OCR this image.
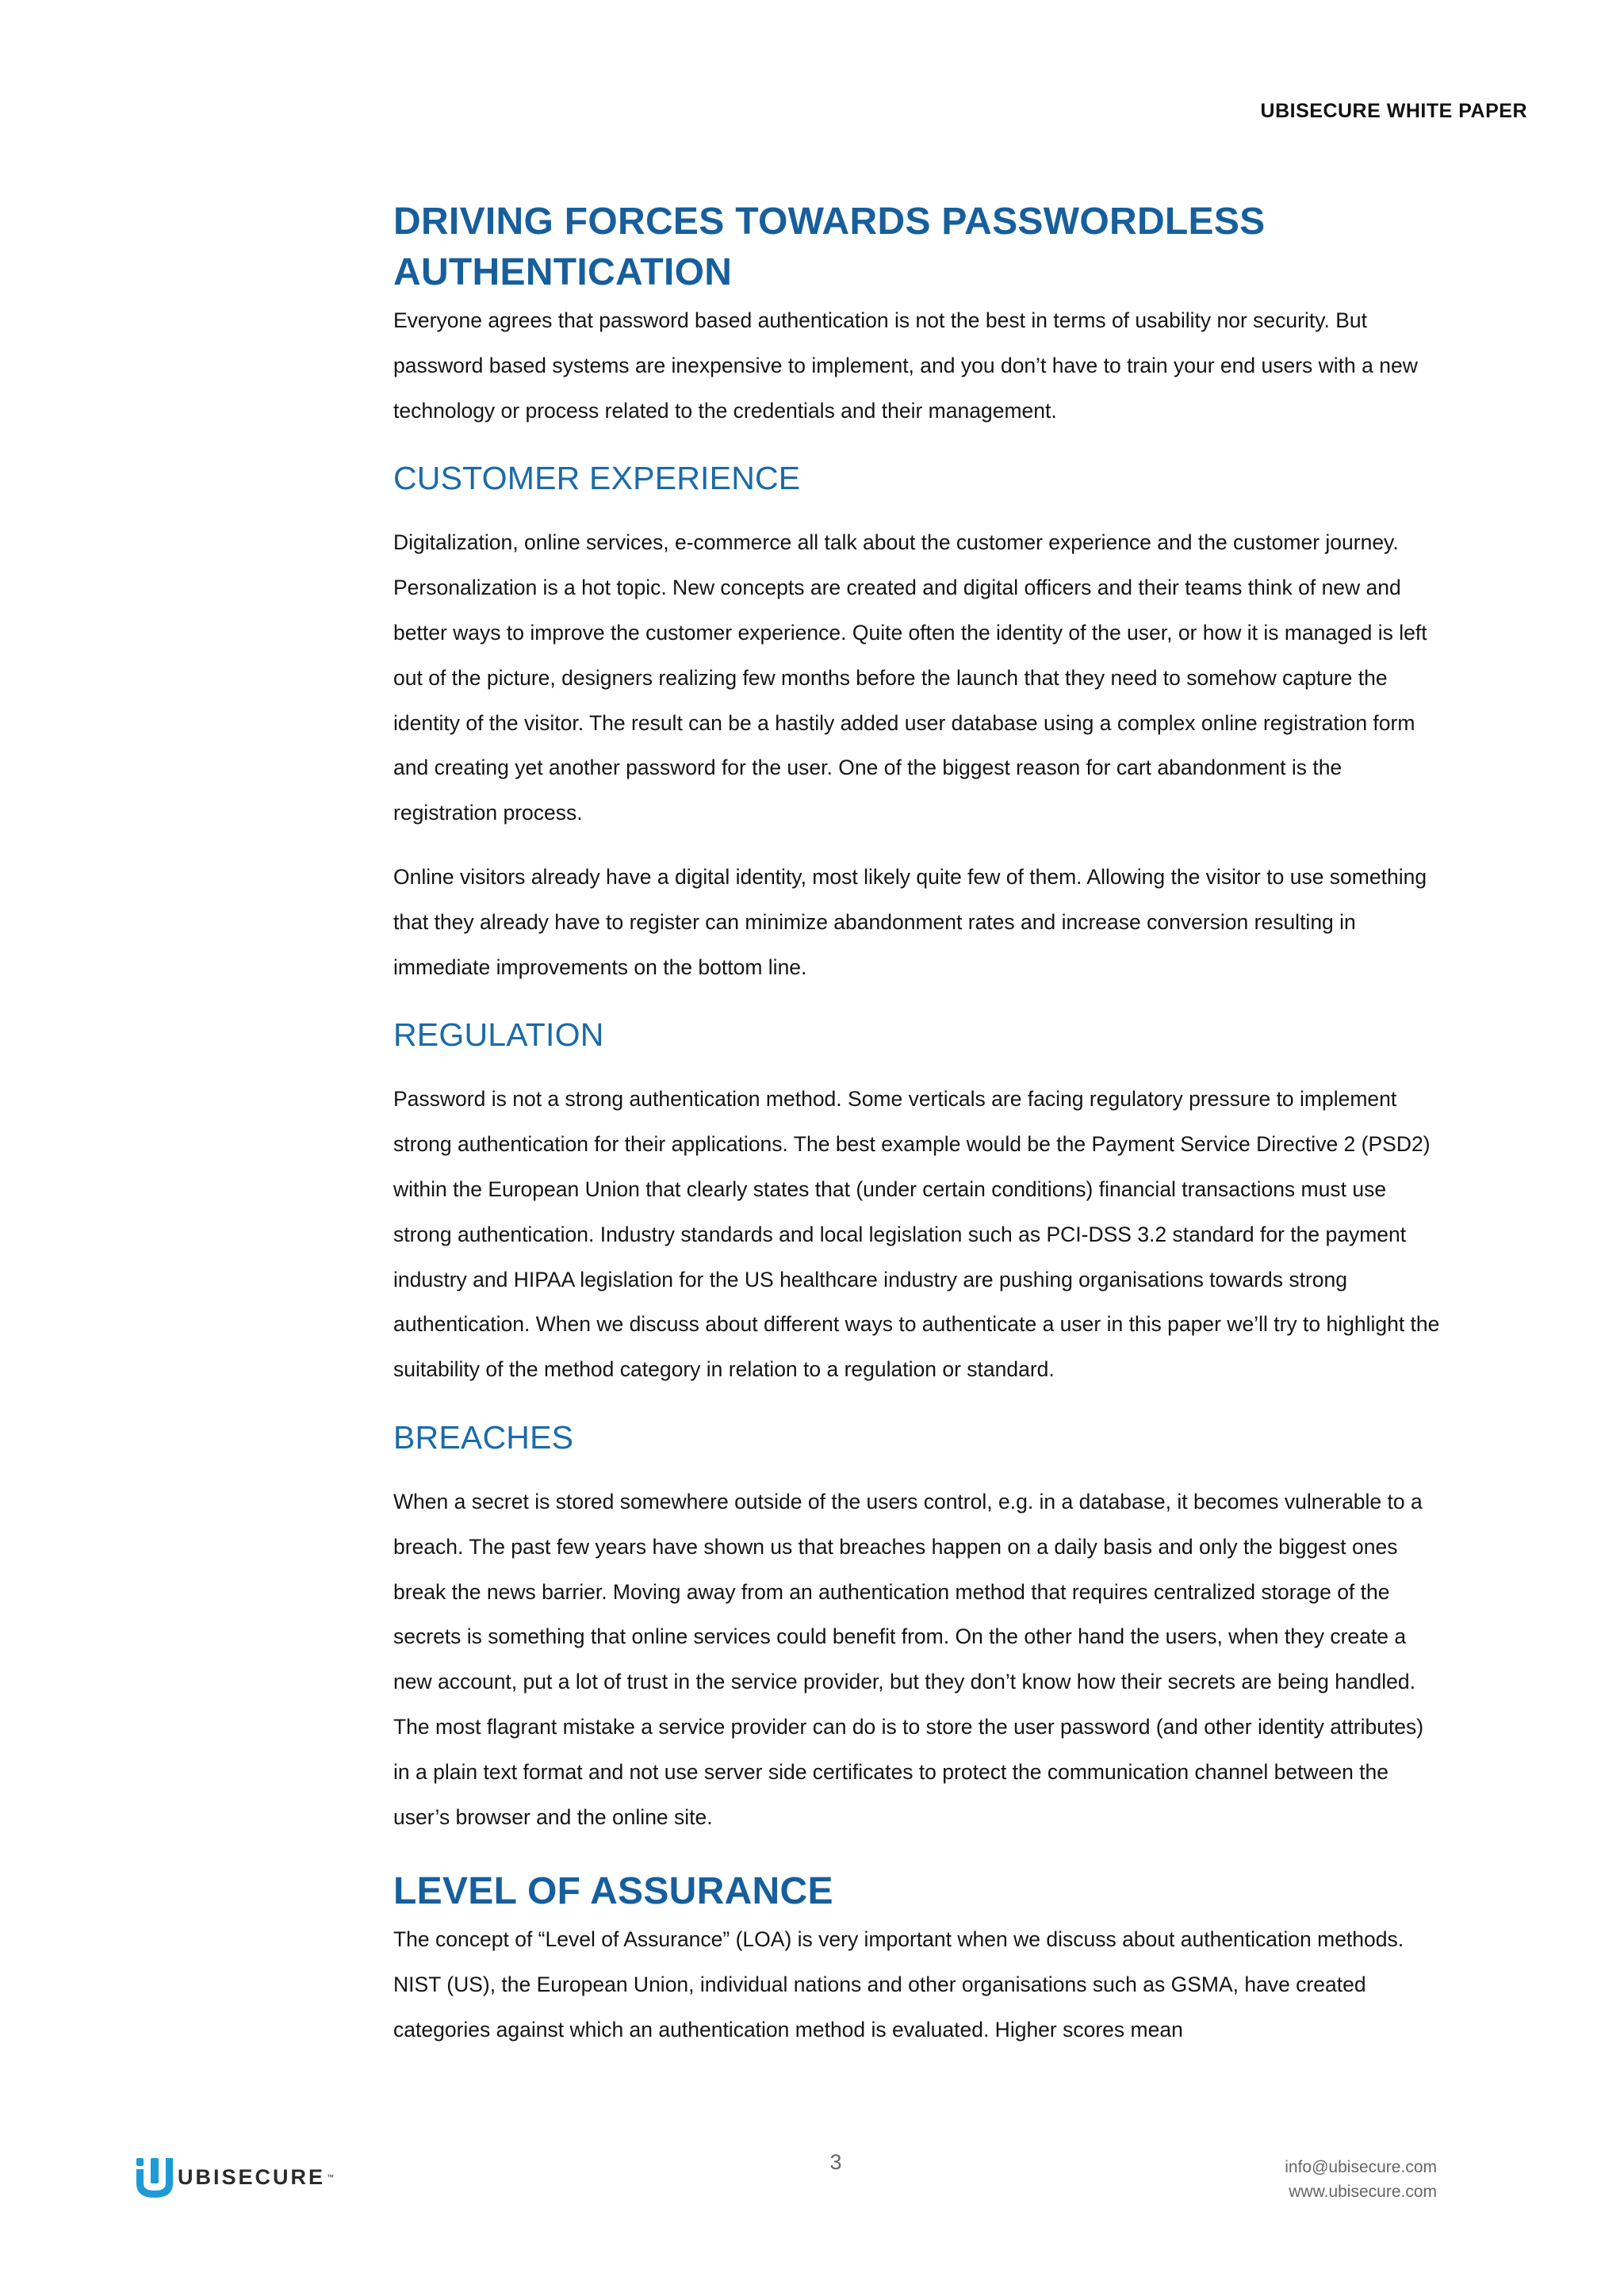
UBISECURE WHITE PAPER
DRIVING FORCES TOWARDS PASSWORDLESS AUTHENTICATION

Everyone agrees that password based authentication is not the best in terms of usability nor security. But password based systems are inexpensive to implement, and you don’t have to train your end users with a new technology or process related to the credentials and their management.

CUSTOMER EXPERIENCE

Digitalization, online services, e-commerce all talk about the customer experience and the customer journey. Personalization is a hot topic. New concepts are created and digital officers and their teams think of new and better ways to improve the customer experience. Quite often the identity of the user, or how it is managed is left out of the picture, designers realizing few months before the launch that they need to somehow capture the identity of the visitor. The result can be a hastily added user database using a complex online registration form and creating yet another password for the user. One of the biggest reason for cart abandonment is the registration process.

Online visitors already have a digital identity, most likely quite few of them. Allowing the visitor to use something that they already have to register can minimize abandonment rates and increase conversion resulting in immediate improvements on the bottom line.

REGULATION

Password is not a strong authentication method. Some verticals are facing regulatory pressure to implement strong authentication for their applications. The best example would be the Payment Service Directive 2 (PSD2) within the European Union that clearly states that (under certain conditions) financial transactions must use strong authentication. Industry standards and local legislation such as PCI-DSS 3.2 standard for the payment industry and HIPAA legislation for the US healthcare industry are pushing organisations towards strong authentication. When we discuss about different ways to authenticate a user in this paper we’ll try to highlight the suitability of the method category in relation to a regulation or standard.

BREACHES

When a secret is stored somewhere outside of the users control, e.g. in a database, it becomes vulnerable to a breach. The past few years have shown us that breaches happen on a daily basis and only the biggest ones break the news barrier. Moving away from an authentication method that requires centralized storage of the secrets is something that online services could benefit from. On the other hand the users, when they create a new account, put a lot of trust in the service provider, but they don’t know how their secrets are being handled. The most flagrant mistake a service provider can do is to store the user password (and other identity attributes) in a plain text format and not use server side certificates to protect the communication channel between the user’s browser and the online site.

LEVEL OF ASSURANCE

The concept of “Level of Assurance” (LOA) is very important when we discuss about authentication methods. NIST (US), the European Union, individual nations and other organisations such as GSMA, have created categories against which an authentication method is evaluated. Higher scores mean

UBISECURE ™
3	info@ubisecure.com
www.ubisecure.com
